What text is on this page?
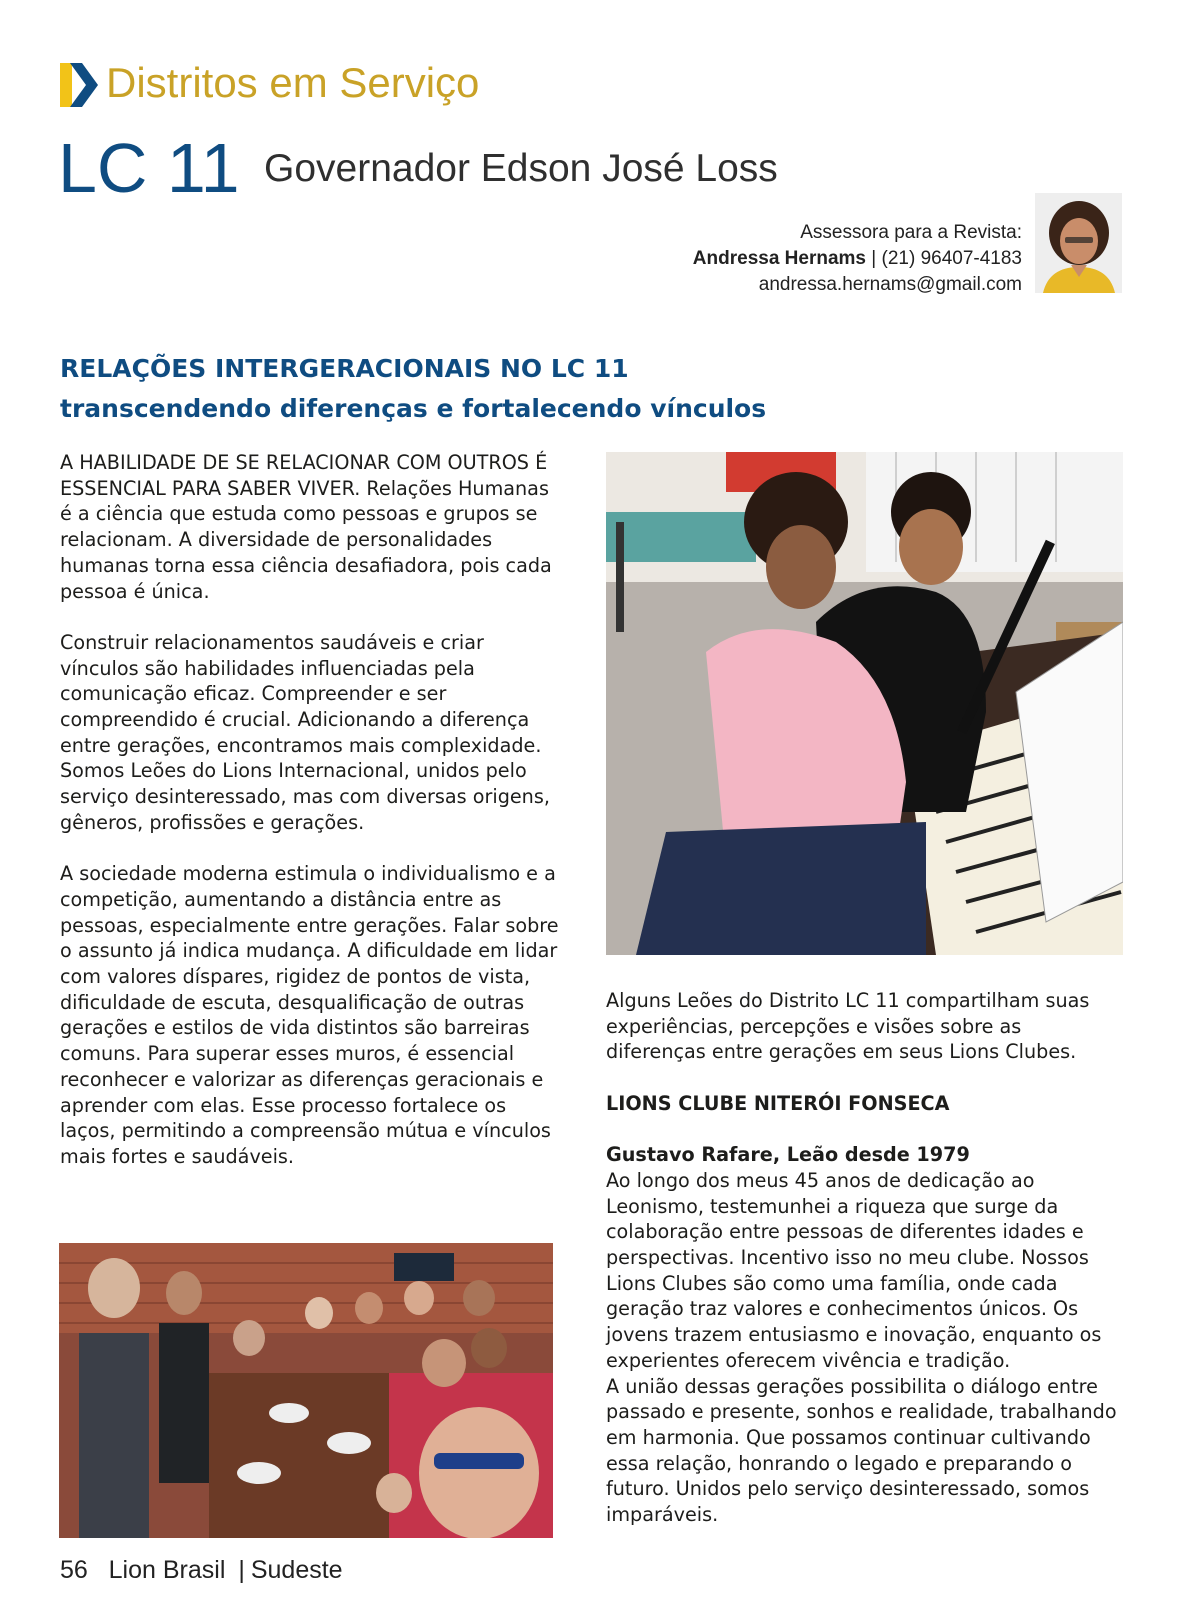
Distritos em Serviço
LC 11 Governador Edson José Loss
Assessora para a Revista:
Andressa Hernams | (21) 96407-4183
andressa.hernams@gmail.com
RELAÇÕES INTERGERACIONAIS NO LC 11
transcendendo diferenças e fortalecendo vínculos

A HABILIDADE DE SE RELACIONAR COM OUTROS É ESSENCIAL PARA SABER VIVER. Relações Humanas é a ciência que estuda como pessoas e grupos se relacionam. A diversidade de personalidades humanas torna essa ciência desafiadora, pois cada pessoa é única.

Construir relacionamentos saudáveis e criar vínculos são habilidades influenciadas pela comunicação eficaz. Compreender e ser compreendido é crucial. Adicionando a diferença entre gerações, encontramos mais complexidade. Somos Leões do Lions Internacional, unidos pelo serviço desinteressado, mas com diversas origens, gêneros, profissões e gerações.

A sociedade moderna estimula o individualismo e a competição, aumentando a distância entre as pessoas, especialmente entre gerações. Falar sobre o assunto já indica mudança. A dificuldade em lidar com valores díspares, rigidez de pontos de vista, dificuldade de escuta, desqualificação de outras gerações e estilos de vida distintos são barreiras comuns. Para superar esses muros, é essencial reconhecer e valorizar as diferenças geracionais e aprender com elas. Esse processo fortalece os laços, permitindo a compreensão mútua e vínculos mais fortes e saudáveis.

Alguns Leões do Distrito LC 11 compartilham suas experiências, percepções e visões sobre as diferenças entre gerações em seus Lions Clubes.

LIONS CLUBE NITERÓI FONSECA
Gustavo Rafare, Leão desde 1979
Ao longo dos meus 45 anos de dedicação ao Leonismo, testemunhei a riqueza que surge da colaboração entre pessoas de diferentes idades e perspectivas. Incentivo isso no meu clube. Nossos Lions Clubes são como uma família, onde cada geração traz valores e conhecimentos únicos. Os jovens trazem entusiasmo e inovação, enquanto os experientes oferecem vivência e tradição.
A união dessas gerações possibilita o diálogo entre passado e presente, sonhos e realidade, trabalhando em harmonia. Que possamos continuar cultivando essa relação, honrando o legado e preparando o futuro. Unidos pelo serviço desinteressado, somos imparáveis.
56 Lion Brasil | Sudeste
